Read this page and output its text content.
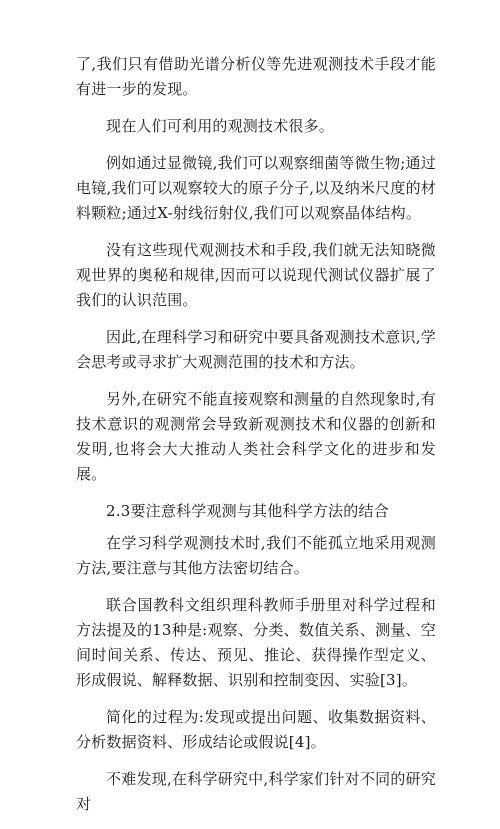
了,我们只有借助光谱分析仪等先进观测技术手段才能有进一步的发现。

现在人们可利用的观测技术很多。

例如通过显微镜,我们可以观察细菌等微生物;通过电镜,我们可以观察较大的原子分子,以及纳米尺度的材料颗粒;通过X-射线衍射仪,我们可以观察晶体结构。

没有这些现代观测技术和手段,我们就无法知晓微观世界的奥秘和规律,因而可以说现代测试仪器扩展了我们的认识范围。

因此,在理科学习和研究中要具备观测技术意识,学会思考或寻求扩大观测范围的技术和方法。

另外,在研究不能直接观察和测量的自然现象时,有技术意识的观测常会导致新观测技术和仪器的创新和发明,也将会大大推动人类社会科学文化的进步和发展。

2.3要注意科学观测与其他科学方法的结合

在学习科学观测技术时,我们不能孤立地采用观测方法,要注意与其他方法密切结合。

联合国教科文组织理科教师手册里对科学过程和方法提及的13种是:观察、分类、数值关系、测量、空间时间关系、传达、预见、推论、获得操作型定义、形成假说、解释数据、识别和控制变因、实验[3]。

简化的过程为:发现或提出问题、收集数据资料、分析数据资料、形成结论或假说[4]。

不难发现,在科学研究中,科学家们针对不同的研究对
